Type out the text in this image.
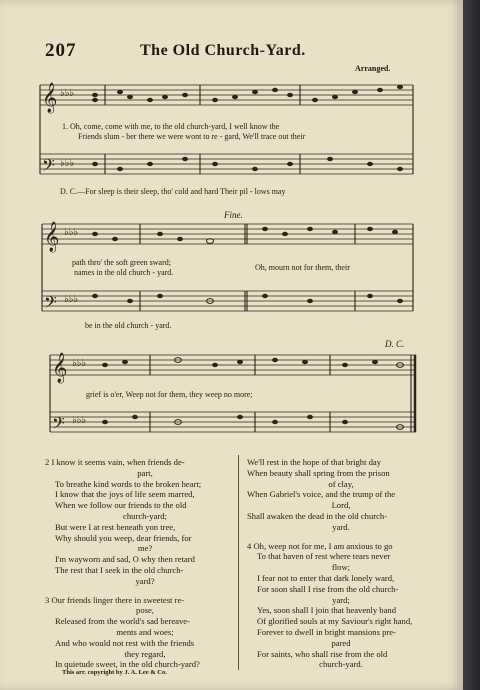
207	The Old Church-Yard.
Arranged.
𝄞
𝄢
𝄞
𝄢
𝄞
𝄢
♭♭♭
♭♭♭
♭♭♭
♭♭♭
♭♭♭
♭♭♭
1. Oh, come, come with me, to the old church-yard, I well know the
Friends slum - ber there we were wont to re - gard, We'll trace out their
D. C.—For sleep is their sleep, tho' cold and hard Their pil - lows may
Fine.
path thro' the soft green sward;
names in the old church - yard.
Oh, mourn not for them, their
be in the old church - yard.
D. C.
grief is o'er, Weep not for them, they weep no more;

2 I know it seems vain, when friends de-

part,

To breathe kind words to the broken heart;

I know that the joys of life seem marred,

When we follow our friends to the old

church-yard;

But were I at rest beneath yon tree,

Why should you weep, dear friends, for

me?

I'm wayworn and sad, O why then retard

The rest that I seek in the old church-

yard?

3 Our friends linger there in sweetest re-

pose,

Released from the world's sad bereave-

ments and woes;

And who would not rest with the friends

they regard,

In quietude sweet, in the old church-yard?

We'll rest in the hope of that bright day

When beauty shall spring from the prison

of clay,

When Gabriel's voice, and the trump of the

Lord,

Shall awaken the dead in the old church-

yard.

4 Oh, weep not for me, I am anxious to go

To that haven of rest where tears never

flow;

I fear not to enter that dark lonely ward,

For soon shall I rise from the old church-

yard;

Yes, soon shall I join that heavenly band

Of glorified souls at my Saviour's right hand,

Forever to dwell in bright mansions pre-

pared

For saints, who shall rise from the old

church-yard.

This arr. copyright by J. A. Lee & Co.
